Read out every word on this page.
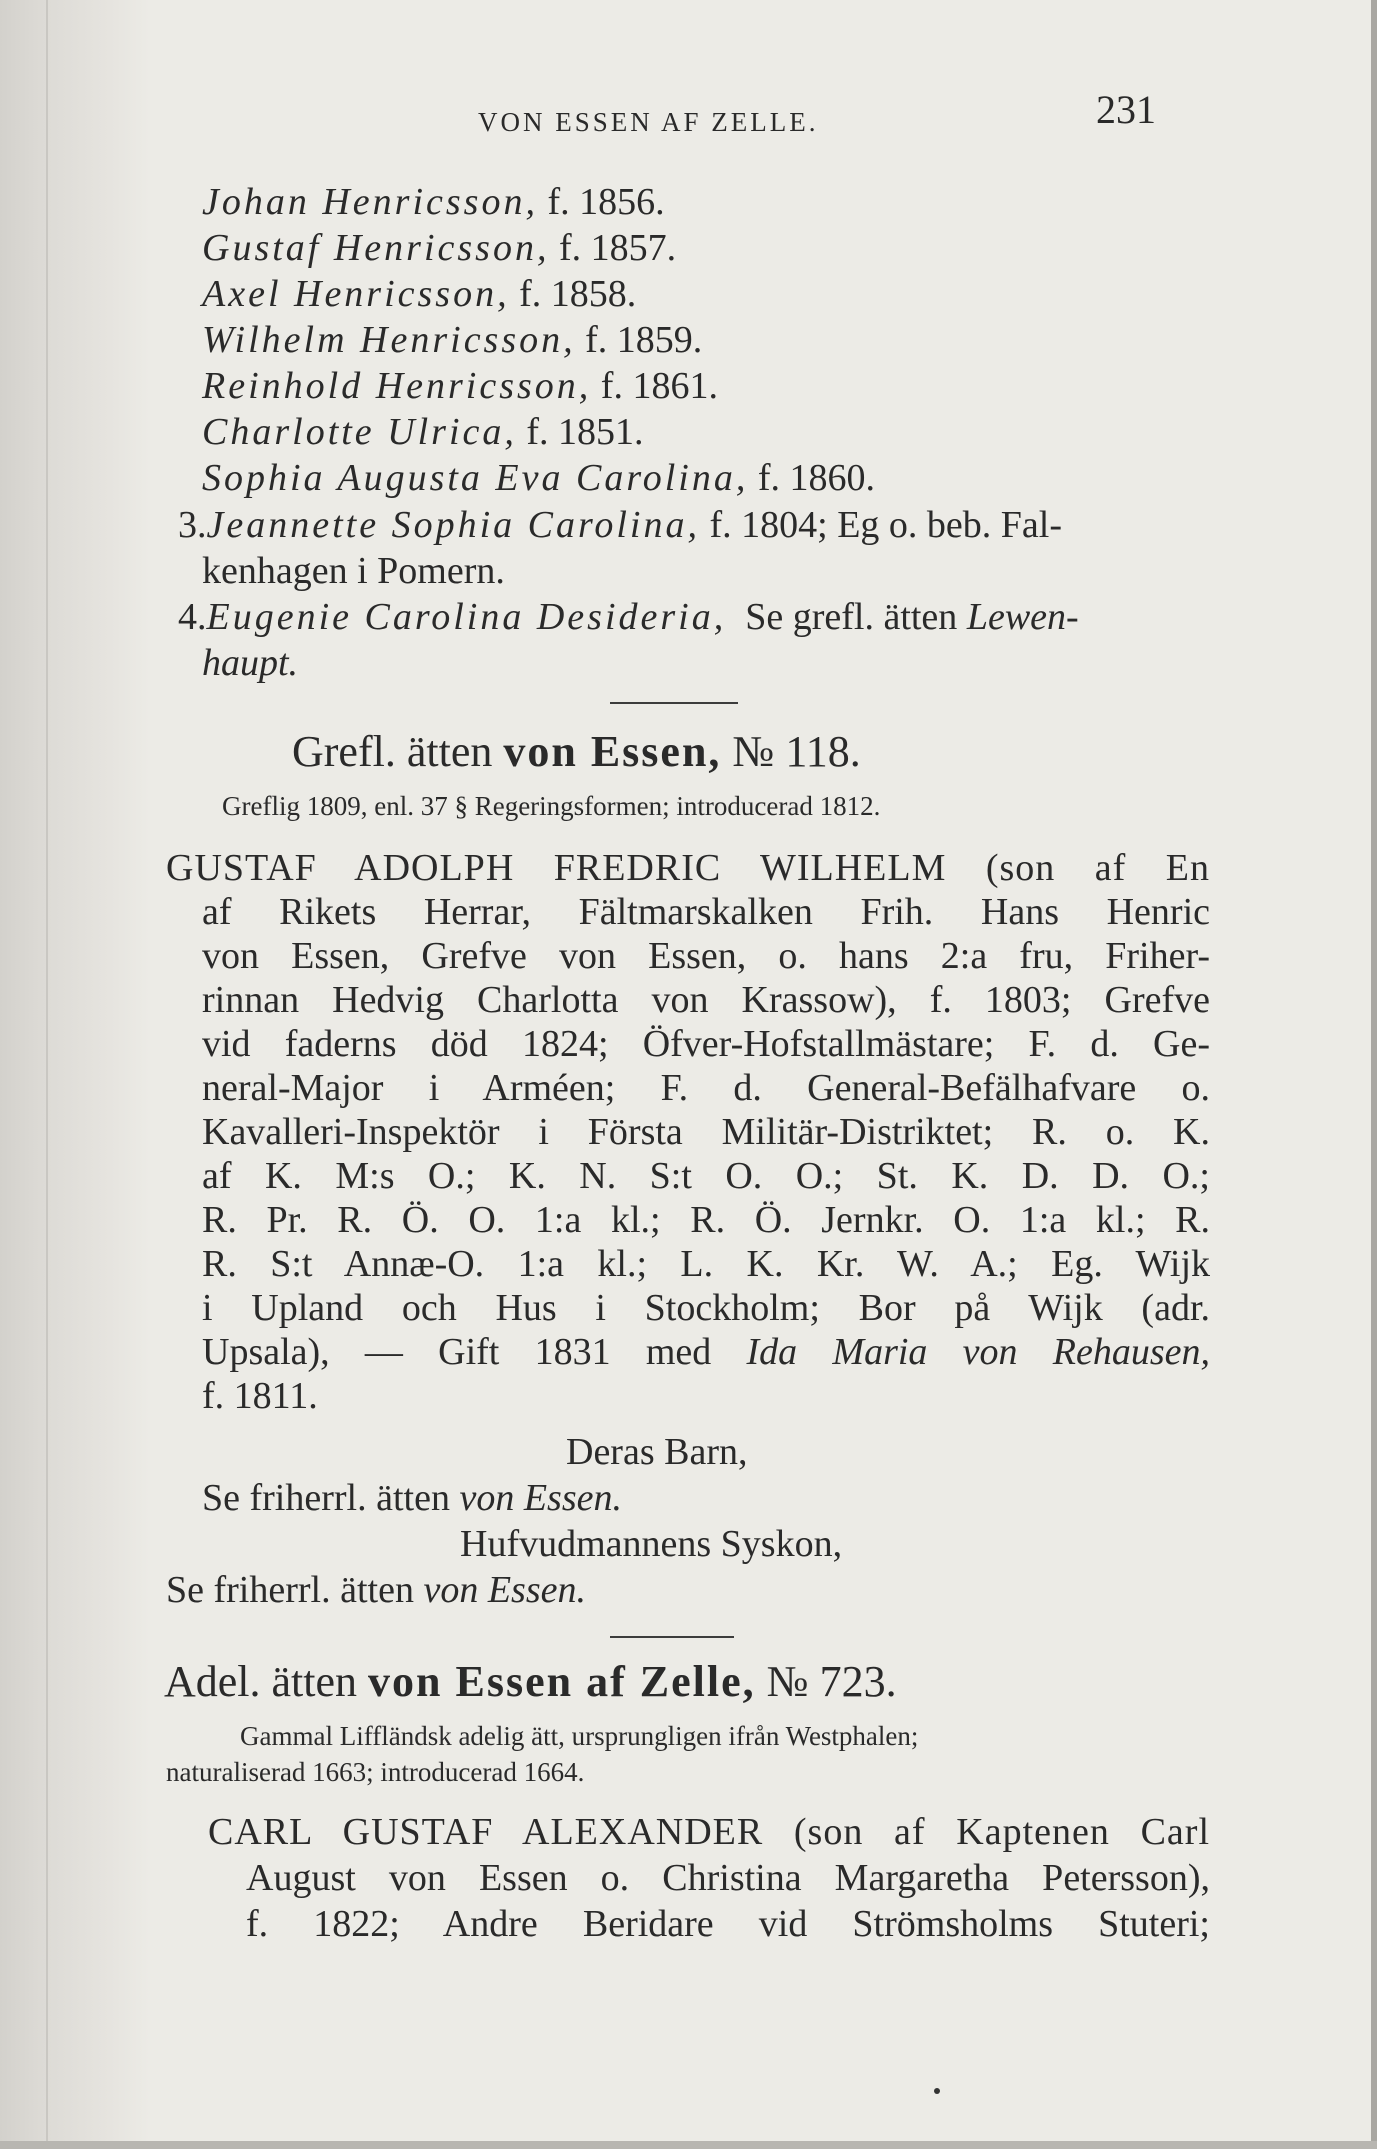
VON ESSEN AF ZELLE.	231
Johan Henricsson, f. 1856.
Gustaf Henricsson, f. 1857.
Axel Henricsson, f. 1858.
Wilhelm Henricsson, f. 1859.
Reinhold Henricsson, f. 1861.
Charlotte Ulrica, f. 1851.
Sophia Augusta Eva Carolina, f. 1860.
3.Jeannette Sophia Carolina, f. 1804; Eg o. beb. Fal-
kenhagen i Pomern.
4.Eugenie Carolina Desideria, Se grefl. ätten Lewen-
haupt.
Grefl. ätten von Essen, № 118.
Greflig 1809, enl. 37 § Regeringsformen; introducerad 1812.
GUSTAF ADOLPH FREDRIC WILHELM (son af En
af Rikets Herrar, Fältmarskalken Frih. Hans Henric
von Essen, Grefve von Essen, o. hans 2:a fru, Friher-
rinnan Hedvig Charlotta von Krassow), f. 1803; Grefve
vid faderns död 1824; Öfver-Hofstallmästare; F. d. Ge-
neral-Major i Arméen; F. d. General-Befälhafvare o.
Kavalleri-Inspektör i Första Militär-Distriktet; R. o. K.
af K. M:s O.; K. N. S:t O. O.; St. K. D. D. O.;
R. Pr. R. Ö. O. 1:a kl.; R. Ö. Jernkr. O. 1:a kl.; R.
R. S:t Annæ-O. 1:a kl.; L. K. Kr. W. A.; Eg. Wijk
i Upland och Hus i Stockholm; Bor på Wijk (adr.
Upsala), — Gift 1831 med Ida Maria von Rehausen,
f. 1811.
Deras Barn,
Se friherrl. ätten von Essen.
Hufvudmannens Syskon,
Se friherrl. ätten von Essen.
Adel. ätten von Essen af Zelle, № 723.
Gammal Liffländsk adelig ätt, ursprungligen ifrån Westphalen;
naturaliserad 1663; introducerad 1664.
CARL GUSTAF ALEXANDER (son af Kaptenen Carl
August von Essen o. Christina Margaretha Petersson),
f. 1822; Andre Beridare vid Strömsholms Stuteri;
